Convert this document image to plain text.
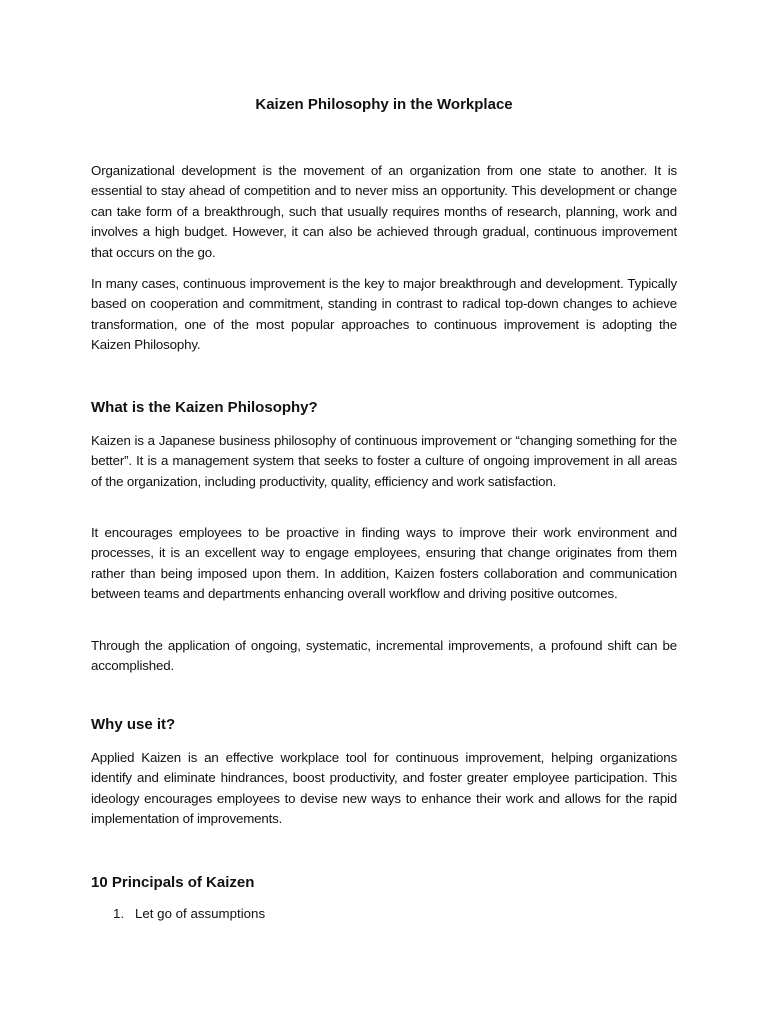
Kaizen Philosophy in the Workplace

Organizational development is the movement of an organization from one state to another. It is essential to stay ahead of competition and to never miss an opportunity. This development or change can take form of a breakthrough, such that usually requires months of research, planning, work and involves a high budget. However, it can also be achieved through gradual, continuous improvement that occurs on the go.

In many cases, continuous improvement is the key to major breakthrough and development. Typically based on cooperation and commitment, standing in contrast to radical top-down changes to achieve transformation, one of the most popular approaches to continuous improvement is adopting the Kaizen Philosophy.

What is the Kaizen Philosophy?

Kaizen is a Japanese business philosophy of continuous improvement or “changing something for the better”. It is a management system that seeks to foster a culture of ongoing improvement in all areas of the organization, including productivity, quality, efficiency and work satisfaction.

It encourages employees to be proactive in finding ways to improve their work environment and processes, it is an excellent way to engage employees, ensuring that change originates from them rather than being imposed upon them. In addition, Kaizen fosters collaboration and communication between teams and departments enhancing overall workflow and driving positive outcomes.

Through the application of ongoing, systematic, incremental improvements, a profound shift can be accomplished.

Why use it?

Applied Kaizen is an effective workplace tool for continuous improvement, helping organizations identify and eliminate hindrances, boost productivity, and foster greater employee participation. This ideology encourages employees to devise new ways to enhance their work and allows for the rapid implementation of improvements.

10 Principals of Kaizen
1. Let go of assumptions
